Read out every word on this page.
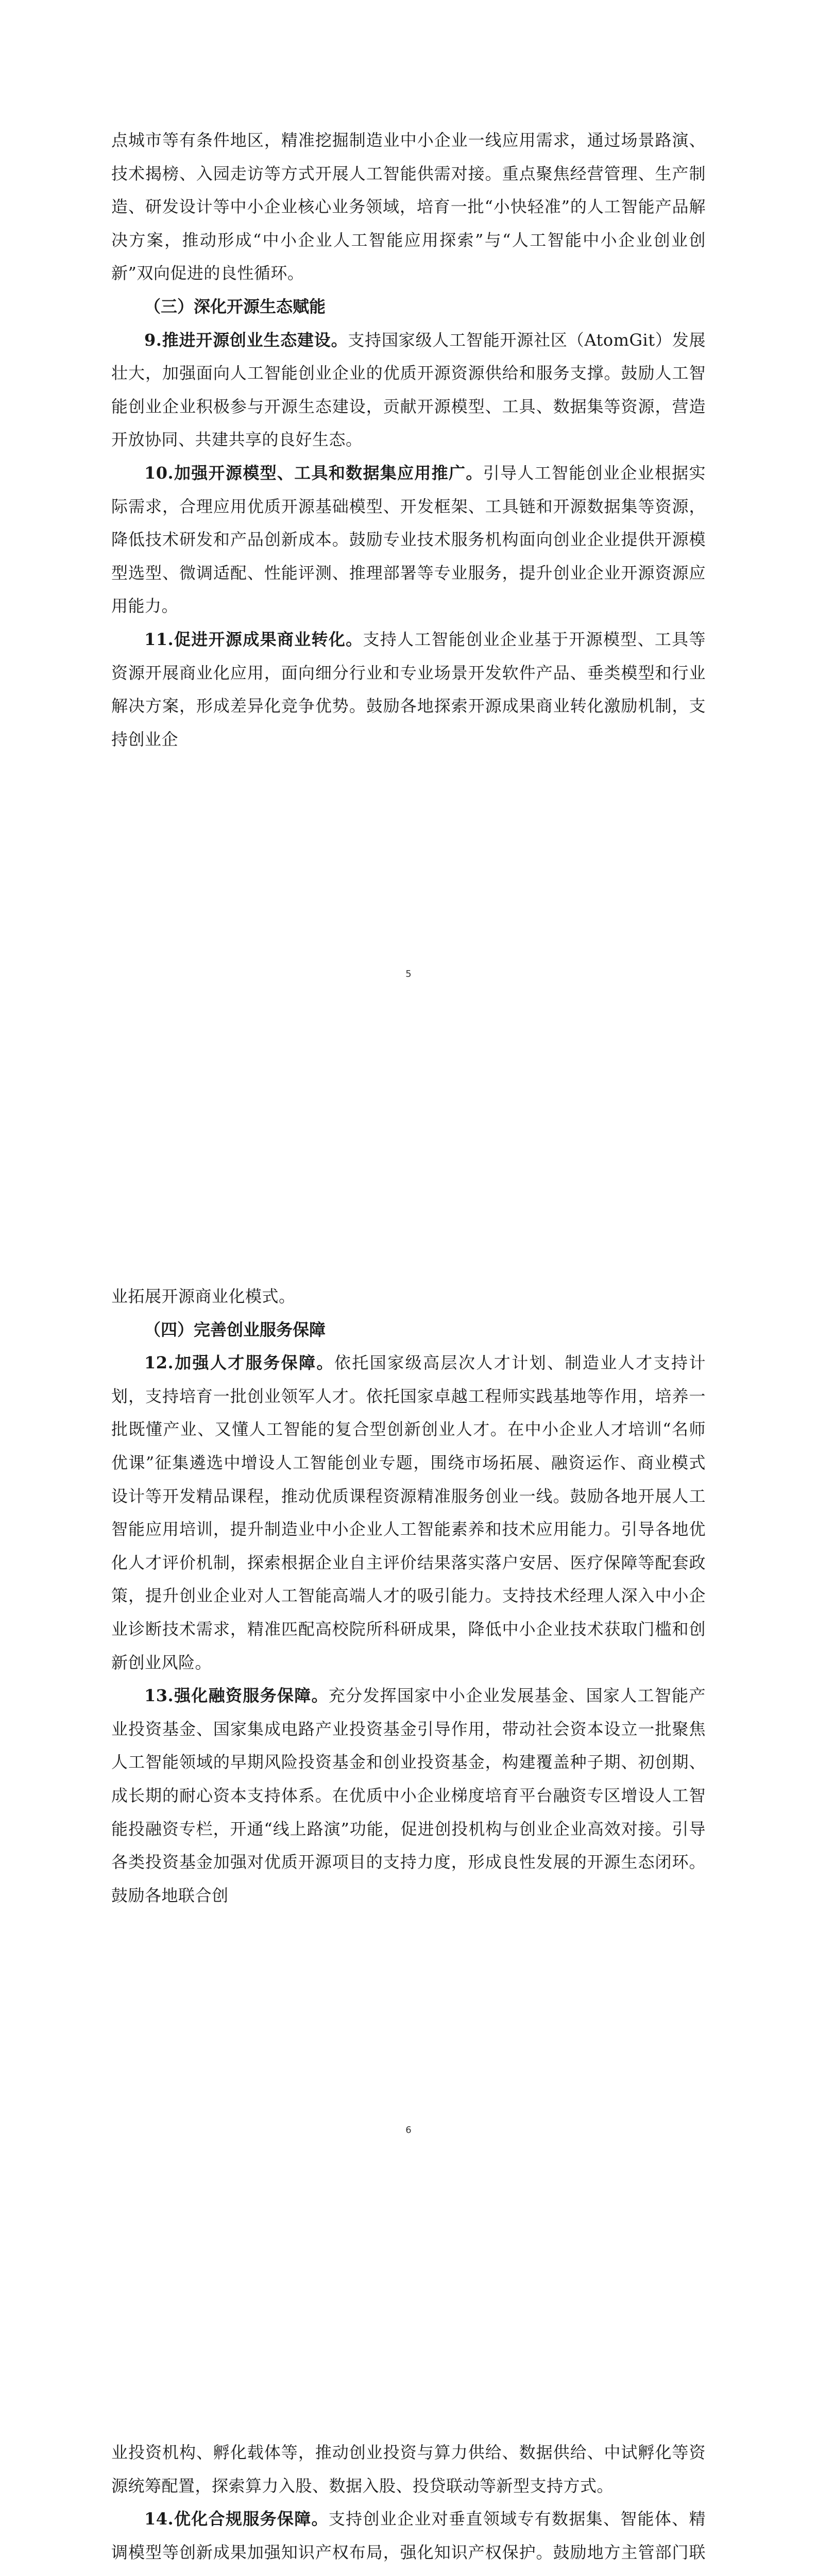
点城市等有条件地区，精准挖掘制造业中小企业一线应用需求，通过场景路演、技术揭榜、入园走访等方式开展人工智能供需对接。重点聚焦经营管理、生产制造、研发设计等中小企业核心业务领域，培育一批“小快轻准”的人工智能产品解决方案，推动形成“中小企业人工智能应用探索”与“人工智能中小企业创业创新”双向促进的良性循环。

（三）深化开源生态赋能

9.推进开源创业生态建设。支持国家级人工智能开源社区（AtomGit）发展壮大，加强面向人工智能创业企业的优质开源资源供给和服务支撑。鼓励人工智能创业企业积极参与开源生态建设，贡献开源模型、工具、数据集等资源，营造开放协同、共建共享的良好生态。

10.加强开源模型、工具和数据集应用推广。引导人工智能创业企业根据实际需求，合理应用优质开源基础模型、开发框架、工具链和开源数据集等资源，降低技术研发和产品创新成本。鼓励专业技术服务机构面向创业企业提供开源模型选型、微调适配、性能评测、推理部署等专业服务，提升创业企业开源资源应用能力。

11.促进开源成果商业转化。支持人工智能创业企业基于开源模型、工具等资源开展商业化应用，面向细分行业和专业场景开发软件产品、垂类模型和行业解决方案，形成差异化竞争优势。鼓励各地探索开源成果商业转化激励机制，支持创业企

5

业拓展开源商业化模式。

（四）完善创业服务保障

12.加强人才服务保障。依托国家级高层次人才计划、制造业人才支持计划，支持培育一批创业领军人才。依托国家卓越工程师实践基地等作用，培养一批既懂产业、又懂人工智能的复合型创新创业人才。在中小企业人才培训“名师优课”征集遴选中增设人工智能创业专题，围绕市场拓展、融资运作、商业模式设计等开发精品课程，推动优质课程资源精准服务创业一线。鼓励各地开展人工智能应用培训，提升制造业中小企业人工智能素养和技术应用能力。引导各地优化人才评价机制，探索根据企业自主评价结果落实落户安居、医疗保障等配套政策，提升创业企业对人工智能高端人才的吸引能力。支持技术经理人深入中小企业诊断技术需求，精准匹配高校院所科研成果，降低中小企业技术获取门槛和创新创业风险。

13.强化融资服务保障。充分发挥国家中小企业发展基金、国家人工智能产业投资基金、国家集成电路产业投资基金引导作用，带动社会资本设立一批聚焦人工智能领域的早期风险投资基金和创业投资基金，构建覆盖种子期、初创期、成长期的耐心资本支持体系。在优质中小企业梯度培育平台融资专区增设人工智能投融资专栏，开通“线上路演”功能，促进创投机构与创业企业高效对接。引导各类投资基金加强对优质开源项目的支持力度，形成良性发展的开源生态闭环。鼓励各地联合创

6

业投资机构、孵化载体等，推动创业投资与算力供给、数据供给、中试孵化等资源统筹配置，探索算力入股、数据入股、投贷联动等新型支持方式。

14.优化合规服务保障。支持创业企业对垂直领域专有数据集、智能体、精调模型等创新成果加强知识产权布局，强化知识产权保护。鼓励地方主管部门联
